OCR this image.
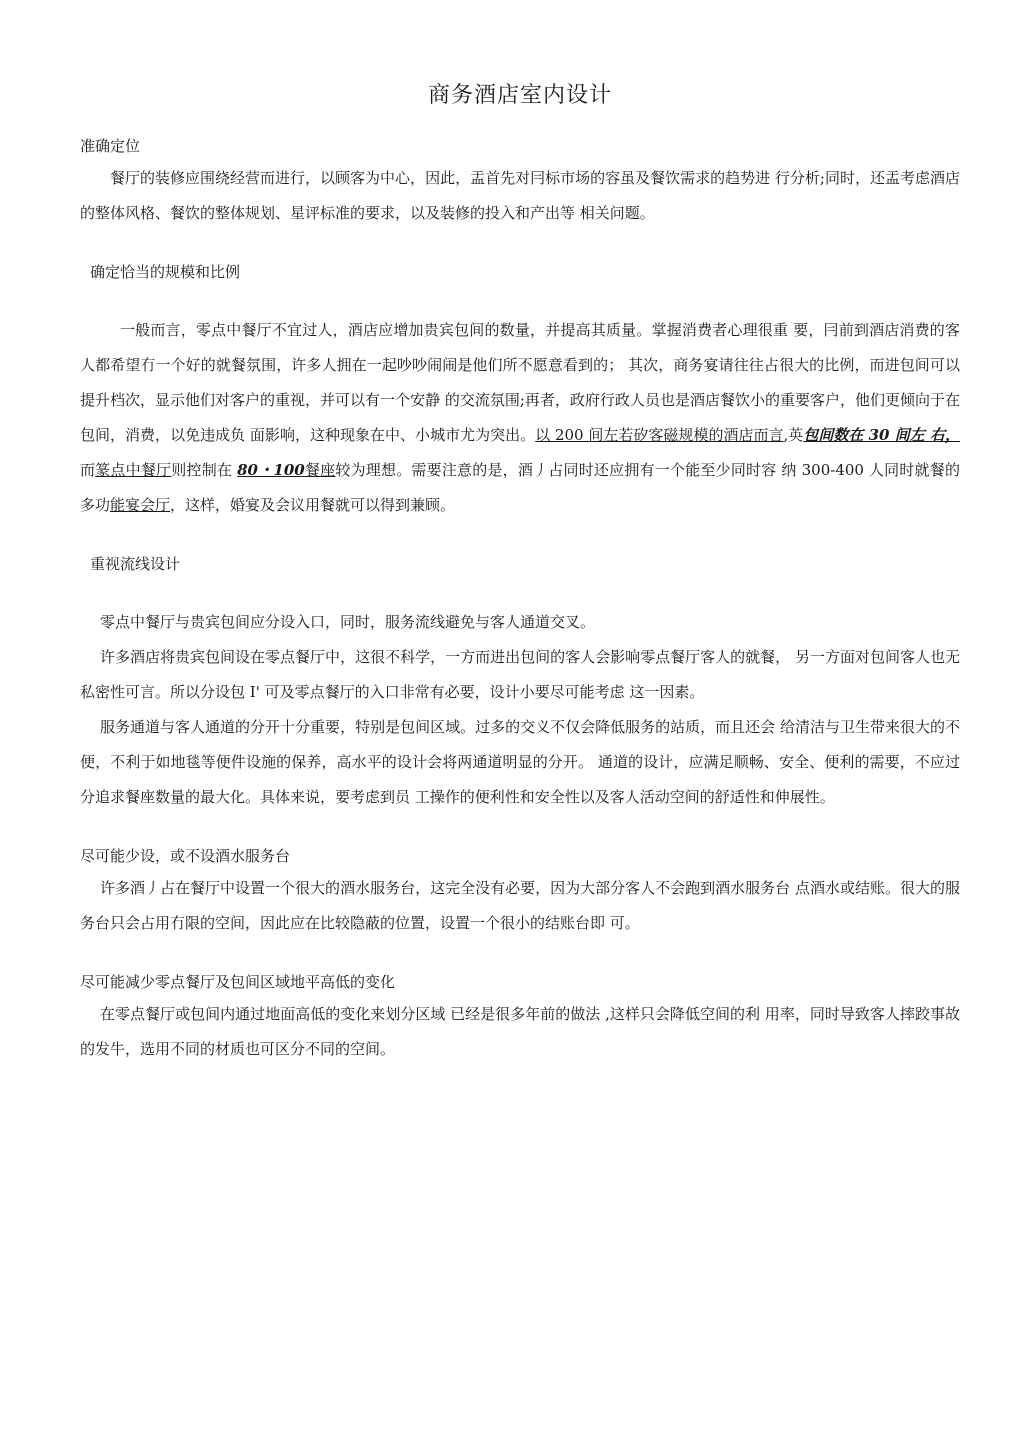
商务酒店室内设计

准确定位

餐厅的装修应围绕经营而进行，以顾客为中心，因此，盂首先对冃标市场的容虽及餐饮需求的趋势进 行分析;同时，还盂考虑酒店的整体风格、餐饮的整体规划、星评标准的要求，以及装修的投入和产出等 相关问题。

确定恰当的规模和比例

一般而言，零点中餐厅不宜过人，酒店应增加贵宾包间的数量，并提高其质量。掌握消费者心理很重 要，冃前到酒店消费的客人都希望冇一个好的就餐氛围，许多人拥在一起吵吵闹闹是他们所不愿意看到的； 其次，商务宴请往往占很大的比例，而进包间可以提升档次，显示他们对客户的重视，并可以有一个安静 的交流氛围;再者，政府行政人员也是酒店餐饮小的重要客户，他们更倾向于在包间，消费，以免违成负 面影响，这种现象在中、小城市尤为突出。以 200 间左若矽客磁规模的酒店而言,英包间数在 30 间左 右，而篆点中餐厅则控制在 80・100餐座较为理想。需要注意的是，酒丿占同时还应拥有一个能至少同时容 纳 300-400 人同时就餐的多功能宴会厅，这样，婚宴及会议用餐就可以得到兼顾。

重视流线设计

零点中餐厅与贵宾包间应分设入口，同时，服务流线避免与客人通道交叉。

许多酒店将贵宾包间设在零点餐厅中，这很不科学，一方而进出包间的客人会影响零点餐厅客人的就餐， 另一方面对包间客人也无私密性可言。所以分设包 I' 可及零点餐厅的入口非常有必要，设计小要尽可能考虑 这一因素。

服务通道与客人通道的分开十分重要，特别是包间区域。过多的交义不仅会降低服务的站质，而且还会 给清洁与卫生带来很大的不便，不利于如地毯等便件设施的保养，高水平的设计会将两通道明显的分开。 通道的设计，应满足顺畅、安全、便利的需要，不应过分追求餐座数量的最大化。具体来说，要考虑到员 工操作的便利性和安全性以及客人活动空间的舒适性和伸展性。

尽可能少设，或不设酒水服务台

许多酒丿占在餐厅中设置一个很大的酒水服务台，这完全没有必要，因为大部分客人不会跑到酒水服务台 点酒水或结账。很大的服务台只会占用冇限的空间，因此应在比较隐蔽的位置，设置一个很小的结账台即 可。

尽可能减少零点餐厅及包间区域地平高低的变化

在零点餐厅或包间内通过地面高低的变化来划分区域 已经是很多年前的做法 ,这样只会降低空间的利 用率，同时导致客人摔跤事故的发牛，选用不同的材质也可区分不同的空间。
